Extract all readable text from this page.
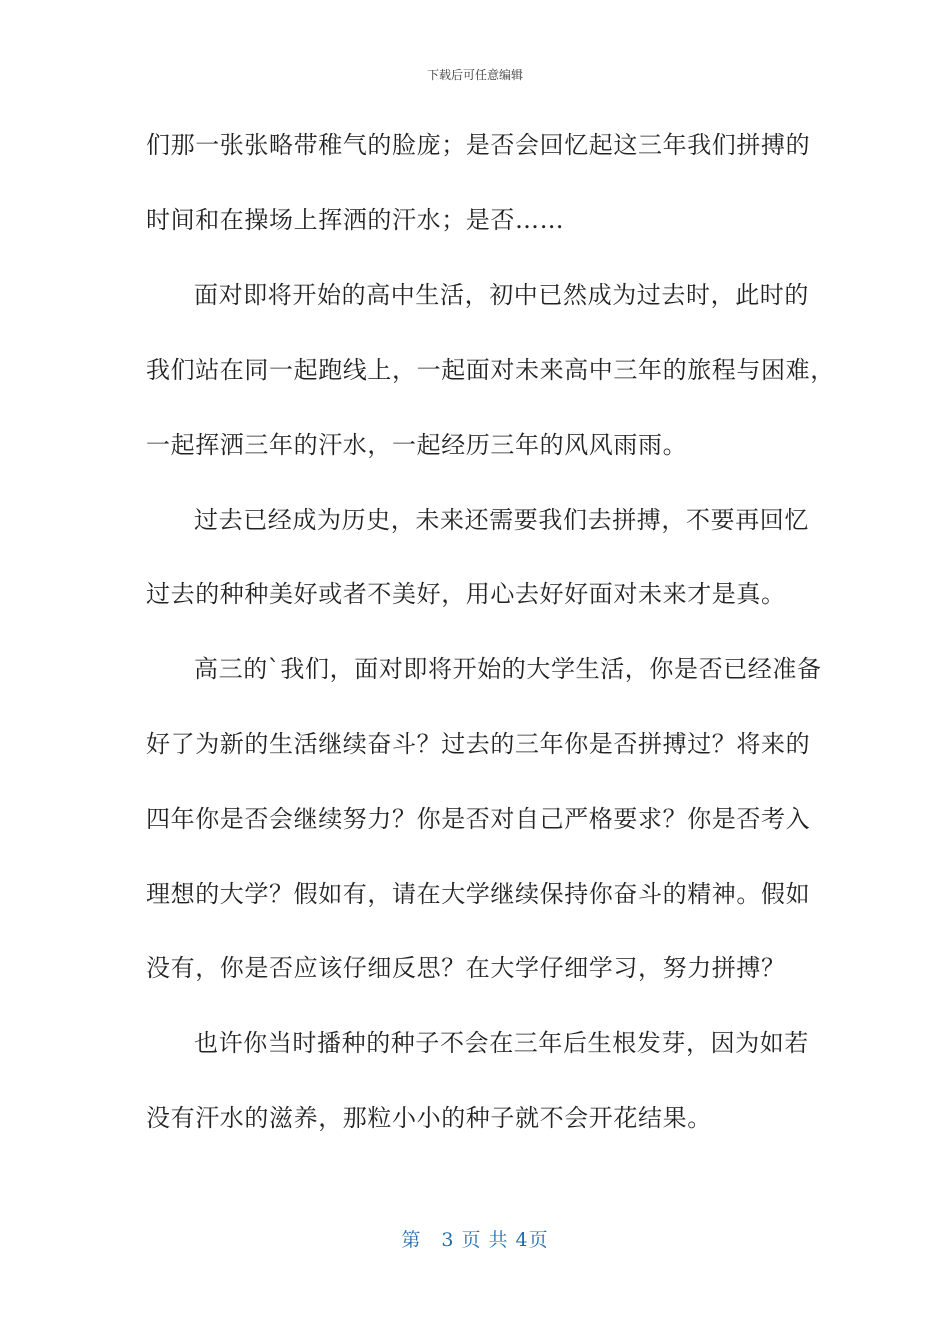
下载后可任意编辑
们那一张张略带稚气的脸庞；是否会回忆起这三年我们拼搏的
时间和在操场上挥洒的汗水；是否……
面对即将开始的高中生活，初中已然成为过去时，此时的
我们站在同一起跑线上，一起面对未来高中三年的旅程与困难，
一起挥洒三年的汗水，一起经历三年的风风雨雨。
过去已经成为历史，未来还需要我们去拼搏，不要再回忆
过去的种种美好或者不美好，用心去好好面对未来才是真。
高三的`我们，面对即将开始的大学生活，你是否已经准备
好了为新的生活继续奋斗？过去的三年你是否拼搏过？将来的
四年你是否会继续努力？你是否对自己严格要求？你是否考入
理想的大学？假如有，请在大学继续保持你奋斗的精神。假如
没有，你是否应该仔细反思？在大学仔细学习，努力拼搏？
也许你当时播种的种子不会在三年后生根发芽，因为如若
没有汗水的滋养，那粒小小的种子就不会开花结果。
第　3 页 共 4页
